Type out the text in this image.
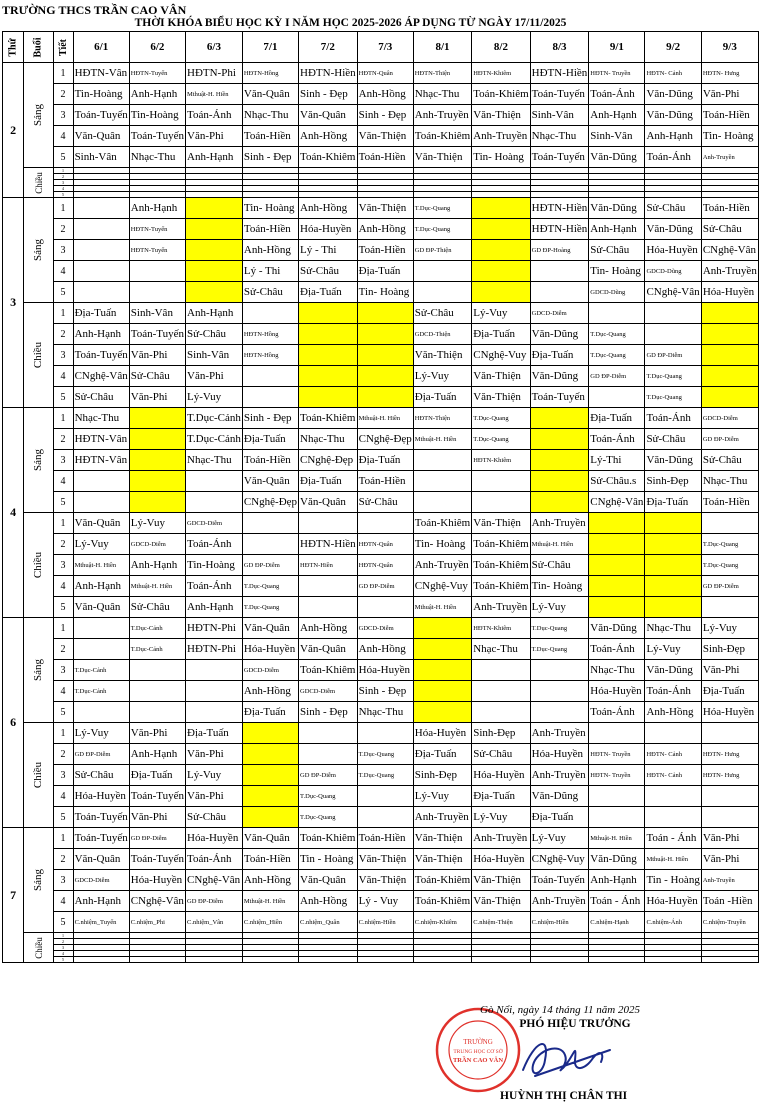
TRƯỜNG THCS TRẦN CAO VÂN
THỜI KHÓA BIỂU HỌC KỲ I NĂM HỌC 2025-2026 ÁP DỤNG TỪ NGÀY 17/11/2025
Thứ	Buổi	Tiết	6/1	6/2	6/3	7/1	7/2	7/3	8/1	8/2	8/3	9/1	9/2	9/3
2	Sáng	1	HĐTN-Vân	HĐTN-Tuyến	HĐTN-Phi	HĐTN-Hồng	HĐTN-Hiền	HĐTN-Quân	HĐTN-Thiện	HĐTN-Khiêm	HĐTN-Hiền	HĐTN- Truyền	HĐTN- Cảnh	HĐTN- Hưng
		2	Tin-Hoàng	Anh-Hạnh	Mthuật-H. Hiền	Văn-Quân	Sinh - Đẹp	Anh-Hồng	Nhạc-Thu	Toán-Khiêm	Toán-Tuyến	Toán-Ánh	Văn-Dũng	Văn-Phi
		3	Toán-Tuyến	Tin-Hoàng	Toán-Ánh	Nhạc-Thu	Văn-Quân	Sinh - Đẹp	Anh-Truyền	Văn-Thiện	Sinh-Vân	Anh-Hạnh	Văn-Dũng	Toán-Hiền
		4	Văn-Quân	Toán-Tuyến	Văn-Phi	Toán-Hiền	Anh-Hồng	Văn-Thiện	Toán-Khiêm	Anh-Truyền	Nhạc-Thu	Sinh-Vân	Anh-Hạnh	Tin- Hoàng
		5	Sinh-Vân	Nhạc-Thu	Anh-Hạnh	Sinh - Đẹp	Toán-Khiêm	Toán-Hiền	Văn-Thiện	Tin- Hoàng	Toán-Tuyến	Văn-Dũng	Toán-Ánh	Anh-Truyền
	Chiều	1												
		2												
		3												
		4												
		5												
3	Sáng	1		Anh-Hạnh		Tin- Hoàng	Anh-Hồng	Văn-Thiện	T.Dục-Quang		HĐTN-Hiền	Văn-Dũng	Sử-Châu	Toán-Hiền
		2		HĐTN-Tuyến		Toán-Hiền	Hóa-Huyền	Anh-Hồng	T.Dục-Quang		HĐTN-Hiền	Anh-Hạnh	Văn-Dũng	Sử-Châu
		3		HĐTN-Tuyến		Anh-Hồng	Lý - Thi	Toán-Hiền	GD ĐP-Thiện		GD ĐP-Hoàng	Sử-Châu	Hóa-Huyền	CNghệ-Vân
		4				Lý - Thi	Sử-Châu	Địa-Tuấn				Tin- Hoàng	GDCD-Dũng	Anh-Truyền
		5				Sử-Châu	Địa-Tuấn	Tin- Hoàng				GDCD-Dũng	CNghệ-Vân	Hóa-Huyền
	Chiều	1	Địa-Tuấn	Sinh-Vân	Anh-Hạnh				Sử-Châu	Lý-Vuy	GDCD-Diễm			
		2	Anh-Hạnh	Toán-Tuyến	Sử-Châu	HĐTN-Hồng			GDCD-Thiện	Địa-Tuấn	Văn-Dũng	T.Dục-Quang		
		3	Toán-Tuyến	Văn-Phi	Sinh-Vân	HĐTN-Hồng			Văn-Thiện	CNghệ-Vuy	Địa-Tuấn	T.Dục-Quang	GD ĐP-Diễm	
		4	CNghệ-Vân	Sử-Châu	Văn-Phi				Lý-Vuy	Văn-Thiện	Văn-Dũng	GD ĐP-Diễm	T.Dục-Quang	
		5	Sử-Châu	Văn-Phi	Lý-Vuy				Địa-Tuấn	Văn-Thiện	Toán-Tuyến		T.Dục-Quang	
4	Sáng	1	Nhạc-Thu		T.Dục-Cảnh	Sinh - Đẹp	Toán-Khiêm	Mthuật-H. Hiền	HĐTN-Thiện	T.Dục-Quang		Địa-Tuấn	Toán-Ánh	GDCD-Diễm
		2	HĐTN-Vân		T.Dục-Cảnh	Địa-Tuấn	Nhạc-Thu	CNghệ-Đẹp	Mthuật-H. Hiền	T.Dục-Quang		Toán-Ánh	Sử-Châu	GD ĐP-Diễm
		3	HĐTN-Vân		Nhạc-Thu	Toán-Hiền	CNghệ-Đẹp	Địa-Tuấn		HĐTN-Khiêm		Lý-Thi	Văn-Dũng	Sử-Châu
		4				Văn-Quân	Địa-Tuấn	Toán-Hiền				Sử-Châu.s	Sinh-Đẹp	Nhạc-Thu
		5				CNghệ-Đẹp	Văn-Quân	Sử-Châu				CNghệ-Vân	Địa-Tuấn	Toán-Hiền
	Chiều	1	Văn-Quân	Lý-Vuy	GDCD-Diễm				Toán-Khiêm	Văn-Thiện	Anh-Truyền			
		2	Lý-Vuy	GDCD-Diễm	Toán-Ánh		HĐTN-Hiền	HĐTN-Quân	Tin- Hoàng	Toán-Khiêm	Mthuật-H. Hiền			T.Dục-Quang
		3	Mthuật-H. Hiền	Anh-Hạnh	Tin-Hoàng	GD ĐP-Diễm	HĐTN-Hiền	HĐTN-Quân	Anh-Truyền	Toán-Khiêm	Sử-Châu			T.Dục-Quang
		4	Anh-Hạnh	Mthuật-H. Hiền	Toán-Ánh	T.Dục-Quang		GD ĐP-Diễm	CNghệ-Vuy	Toán-Khiêm	Tin- Hoàng			GD ĐP-Diễm
		5	Văn-Quân	Sử-Châu	Anh-Hạnh	T.Dục-Quang			Mthuật-H. Hiền	Anh-Truyền	Lý-Vuy			
6	Sáng	1		T.Dục-Cảnh	HĐTN-Phi	Văn-Quân	Anh-Hồng	GDCD-Diễm		HĐTN-Khiêm	T.Dục-Quang	Văn-Dũng	Nhạc-Thu	Lý-Vuy
		2		T.Dục-Cảnh	HĐTN-Phi	Hóa-Huyền	Văn-Quân	Anh-Hồng		Nhạc-Thu	T.Dục-Quang	Toán-Ánh	Lý-Vuy	Sinh-Đẹp
		3	T.Dục-Cảnh			GDCD-Diễm	Toán-Khiêm	Hóa-Huyền				Nhạc-Thu	Văn-Dũng	Văn-Phi
		4	T.Dục-Cảnh			Anh-Hồng	GDCD-Diễm	Sinh - Đẹp				Hóa-Huyền	Toán-Ánh	Địa-Tuấn
		5				Địa-Tuấn	Sinh - Đẹp	Nhạc-Thu				Toán-Ánh	Anh-Hồng	Hóa-Huyền
	Chiều	1	Lý-Vuy	Văn-Phi	Địa-Tuấn				Hóa-Huyền	Sinh-Đẹp	Anh-Truyền			
		2	GD ĐP-Diễm	Anh-Hạnh	Văn-Phi			T.Dục-Quang	Địa-Tuấn	Sử-Châu	Hóa-Huyền	HĐTN- Truyền	HĐTN- Cảnh	HĐTN- Hưng
		3	Sử-Châu	Địa-Tuấn	Lý-Vuy		GD ĐP-Diễm	T.Dục-Quang	Sinh-Đẹp	Hóa-Huyền	Anh-Truyền	HĐTN- Truyền	HĐTN- Cảnh	HĐTN- Hưng
		4	Hóa-Huyền	Toán-Tuyến	Văn-Phi		T.Dục-Quang		Lý-Vuy	Địa-Tuấn	Văn-Dũng			
		5	Toán-Tuyến	Văn-Phi	Sử-Châu		T.Dục-Quang		Anh-Truyền	Lý-Vuy	Địa-Tuấn			
7	Sáng	1	Toán-Tuyến	GD ĐP-Diễm	Hóa-Huyền	Văn-Quân	Toán-Khiêm	Toán-Hiền	Văn-Thiện	Anh-Truyền	Lý-Vuy	Mthuật-H. Hiền	Toán - Ánh	Văn-Phi
		2	Văn-Quân	Toán-Tuyến	Toán-Ánh	Toán-Hiền	Tin - Hoàng	Văn-Thiện	Văn-Thiện	Hóa-Huyền	CNghệ-Vuy	Văn-Dũng	Mthuật-H. Hiền	Văn-Phi
		3	GDCD-Diễm	Hóa-Huyền	CNghệ-Vân	Anh-Hồng	Văn-Quân	Văn-Thiện	Toán-Khiêm	Văn-Thiện	Toán-Tuyến	Anh-Hạnh	Tin - Hoàng	Anh-Truyền
		4	Anh-Hạnh	CNghệ-Vân	GD ĐP-Diễm	Mthuật-H. Hiền	Anh-Hồng	Lý - Vuy	Toán-Khiêm	Văn-Thiện	Anh-Truyền	Toán - Ánh	Hóa-Huyền	Toán -Hiền
		5	C.nhiệm_Tuyến	C.nhiệm_Phi	C.nhiệm_Vân	C.nhiệm_Hiền	C.nhiệm_Quân	C.nhiệm-Hiền	C.nhiệm-Khiêm	C.nhiệm-Thiện	C.nhiệm-Hiền	C.nhiệm-Hạnh	C.nhiệm-Ánh	C.nhiệm-Truyền
	Chiều	1												
		2												
		3												
		4												
		5												
TRƯỜNG
TRUNG HỌC CƠ SỞ
TRẦN CAO VÂN
Gò Nổi, ngày 14 tháng 11 năm 2025
PHÓ HIỆU TRƯỞNG
HUỲNH THỊ CHÂN THI
